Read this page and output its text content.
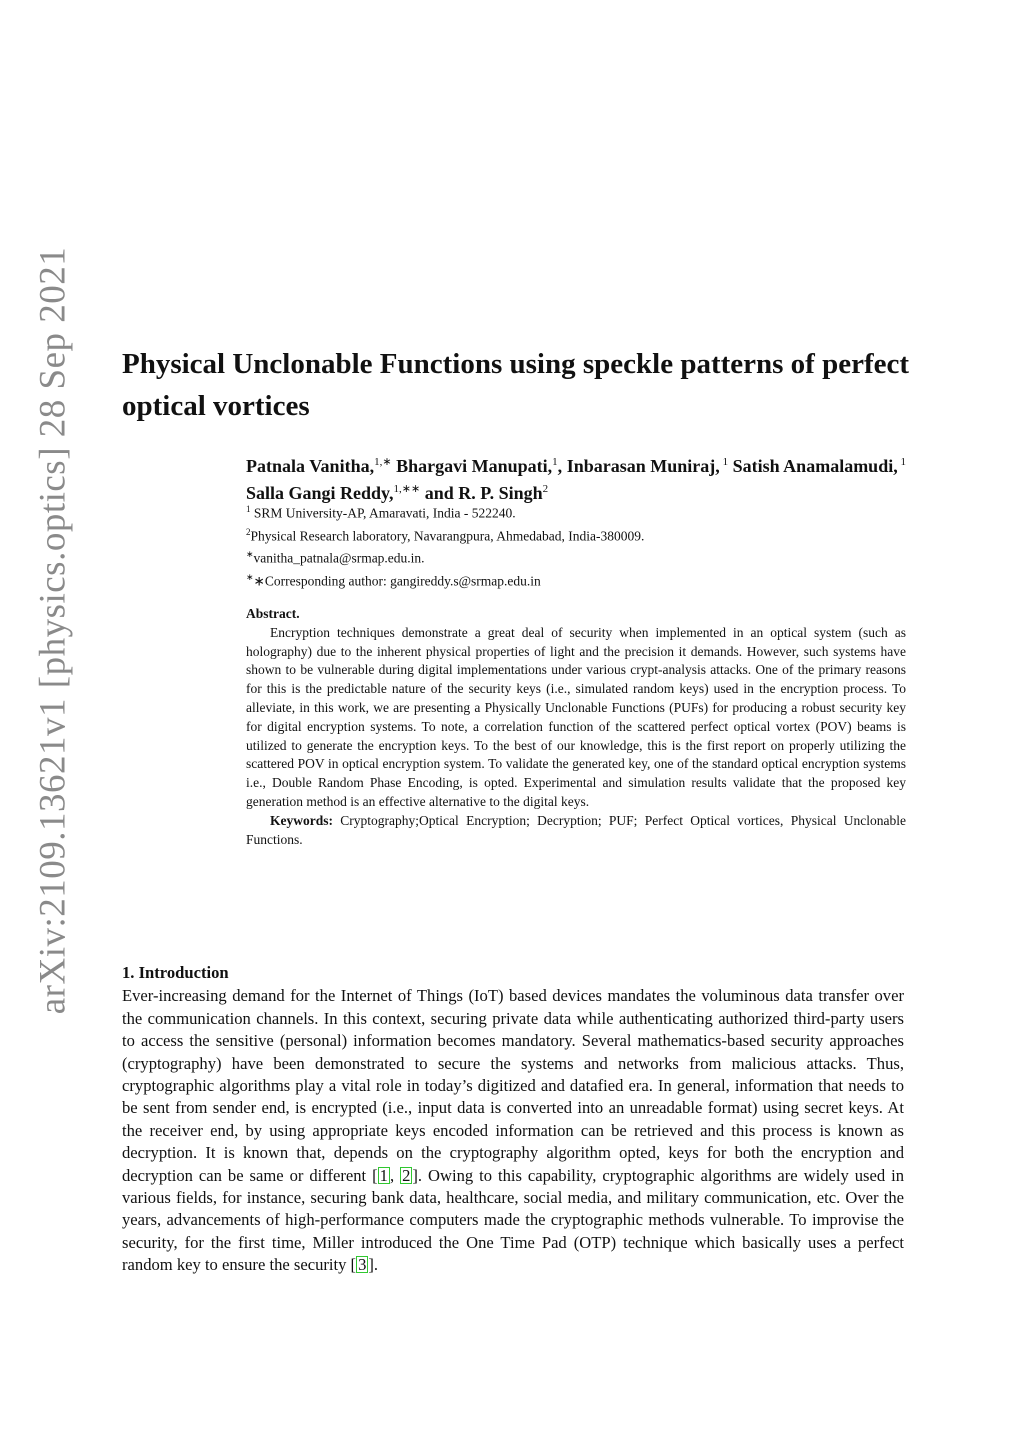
arXiv:2109.13621v1 [physics.optics] 28 Sep 2021 Physical Unclonable Functions using speckle patterns of perfect optical vortices
Patnala Vanitha,$^{1,∗}$ Bhargavi Manupati,$^1$, Inbarasan Muniraj, $^1$ Satish Anamalamudi, $^1$ Salla Gangi Reddy,$^{1,∗∗}$ and R. P. Singh$^2$
$^1$ SRM University-AP, Amaravati, India - 522240.
$^2$Physical Research laboratory, Navarangpura, Ahmedabad, India-380009.
∗vanitha_patnala@srmap.edu.in.
∗∗Corresponding author: gangireddy.s@srmap.edu.in
Abstract.

Encryption techniques demonstrate a great deal of security when implemented in an optical system (such as holography) due to the inherent physical properties of light and the precision it demands. However, such systems have shown to be vulnerable during digital implementations under various crypt-analysis attacks. One of the primary reasons for this is the predictable nature of the security keys (i.e., simulated random keys) used in the encryption process. To alleviate, in this work, we are presenting a Physically Unclonable Functions (PUFs) for producing a robust security key for digital encryption systems. To note, a correlation function of the scattered perfect optical vortex (POV) beams is utilized to generate the encryption keys. To the best of our knowledge, this is the first report on properly utilizing the scattered POV in optical encryption system. To validate the generated key, one of the standard optical encryption systems i.e., Double Random Phase Encoding, is opted. Experimental and simulation results validate that the proposed key generation method is an effective alternative to the digital keys.

Keywords: Cryptography;Optical Encryption; Decryption; PUF; Perfect Optical vortices, Physical Unclonable Functions.

1. Introduction

Ever-increasing demand for the Internet of Things (IoT) based devices mandates the voluminous data transfer over the communication channels. In this context, securing private data while authenticating authorized third-party users to access the sensitive (personal) information becomes mandatory. Several mathematics-based security approaches (cryptography) have been demonstrated to secure the systems and networks from malicious attacks. Thus, cryptographic algorithms play a vital role in today’s digitized and datafied era. In general, information that needs to be sent from sender end, is encrypted (i.e., input data is converted into an unreadable format) using secret keys. At the receiver end, by using appropriate keys encoded information can be retrieved and this process is known as decryption. It is known that, depends on the cryptography algorithm opted, keys for both the encryption and decryption can be same or different [ 1 , 2 ]. Owing to this capability, cryptographic algorithms are widely used in various fields, for instance, securing bank data, healthcare, social media, and military communication, etc. Over the years, advancements of high-performance computers made the cryptographic methods vulnerable. To improvise the security, for the first time, Miller introduced the One Time Pad (OTP) technique which basically uses a perfect random key to ensure the security [ 3 ].
